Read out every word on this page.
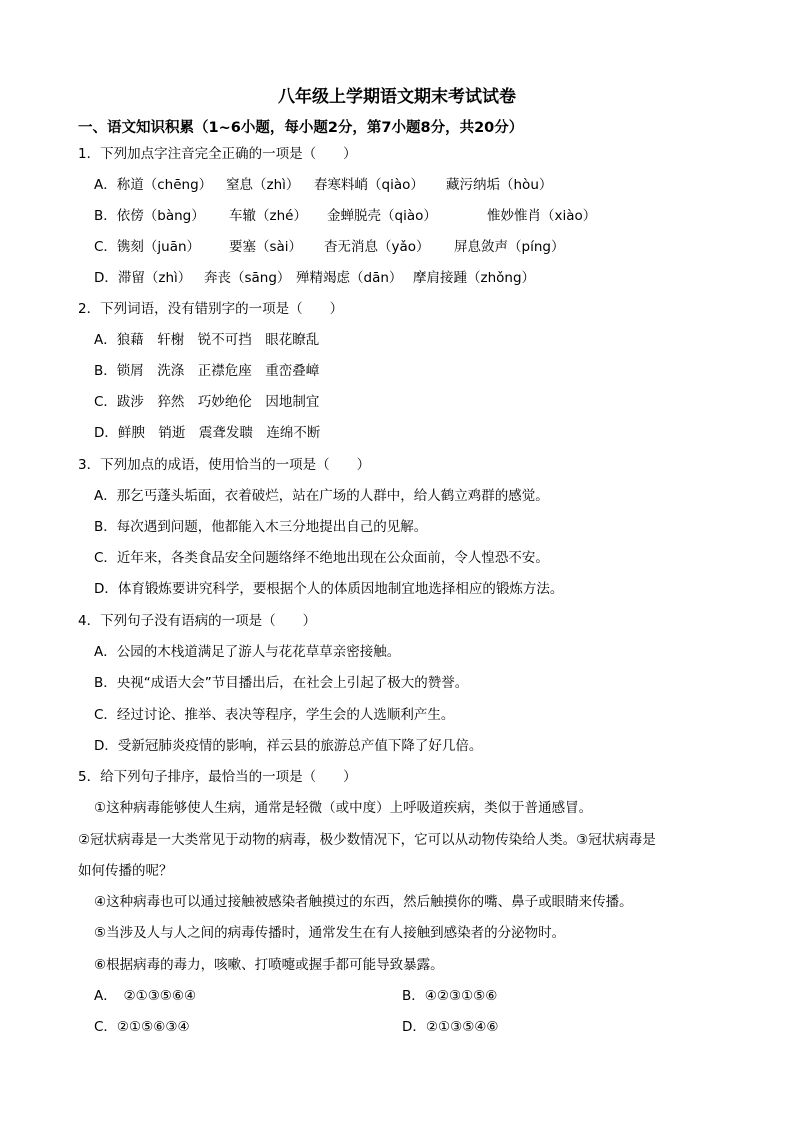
八年级上学期语文期末考试试卷
一、语文知识积累（1~6小题，每小题2分，第7小题8分，共20分）
1．下列加点字注音完全正确的一项是（　　）
A．称道（chēng） 窒息（zhì） 春寒料峭（qiào） 藏污纳垢（hòu）
B．依傍（bàng） 车辙（zhé） 金蝉脱壳（qiào）	惟妙惟肖（xiào）
C．镌刻（juān） 要塞（sài） 杳无消息（yǎo） 屏息敛声（píng）
D．滞留（zhì） 奔丧（sāng） 殚精竭虑（dān） 摩肩接踵（zhǒng）
2．下列词语，没有错别字的一项是（　　）
A．狼藉　轩榭　锐不可挡　眼花瞭乱
B．锁屑　洗涤　正襟危座　重峦叠嶂
C．跋涉　猝然　巧妙绝伦　因地制宜
D．鲜腴　销逝　震聋发聩　连绵不断
3．下列加点的成语，使用恰当的一项是（　　）
A．那乞丐蓬头垢面，衣着破烂，站在广场的人群中，给人鹤立鸡群的感觉。
B．每次遇到问题，他都能入木三分地提出自己的见解。
C．近年来，各类食品安全问题络绎不绝地出现在公众面前，令人惶恐不安。
D．体育锻炼要讲究科学，要根据个人的体质因地制宜地选择相应的锻炼方法。
4．下列句子没有语病的一项是（　　）
A．公园的木栈道满足了游人与花花草草亲密接触。
B．央视“成语大会”节目播出后，在社会上引起了极大的赞誉。
C．经过讨论、推举、表决等程序，学生会的人选顺利产生。
D．受新冠肺炎疫情的影响，祥云县的旅游总产值下降了好几倍。
5．给下列句子排序，最恰当的一项是（　　）
①这种病毒能够使人生病，通常是轻微（或中度）上呼吸道疾病，类似于普通感冒。
②冠状病毒是一大类常见于动物的病毒，极少数情况下，它可以从动物传染给人类。③冠状病毒是
如何传播的呢？
④这种病毒也可以通过接触被感染者触摸过的东西，然后触摸你的嘴、鼻子或眼睛来传播。
⑤当涉及人与人之间的病毒传播时，通常发生在有人接触到感染者的分泌物时。
⑥根据病毒的毒力，咳嗽、打喷嚏或握手都可能导致暴露。
A．　②①③⑤⑥④	B．④②③①⑤⑥
C．②①⑤⑥③④	D．②①③⑤④⑥
